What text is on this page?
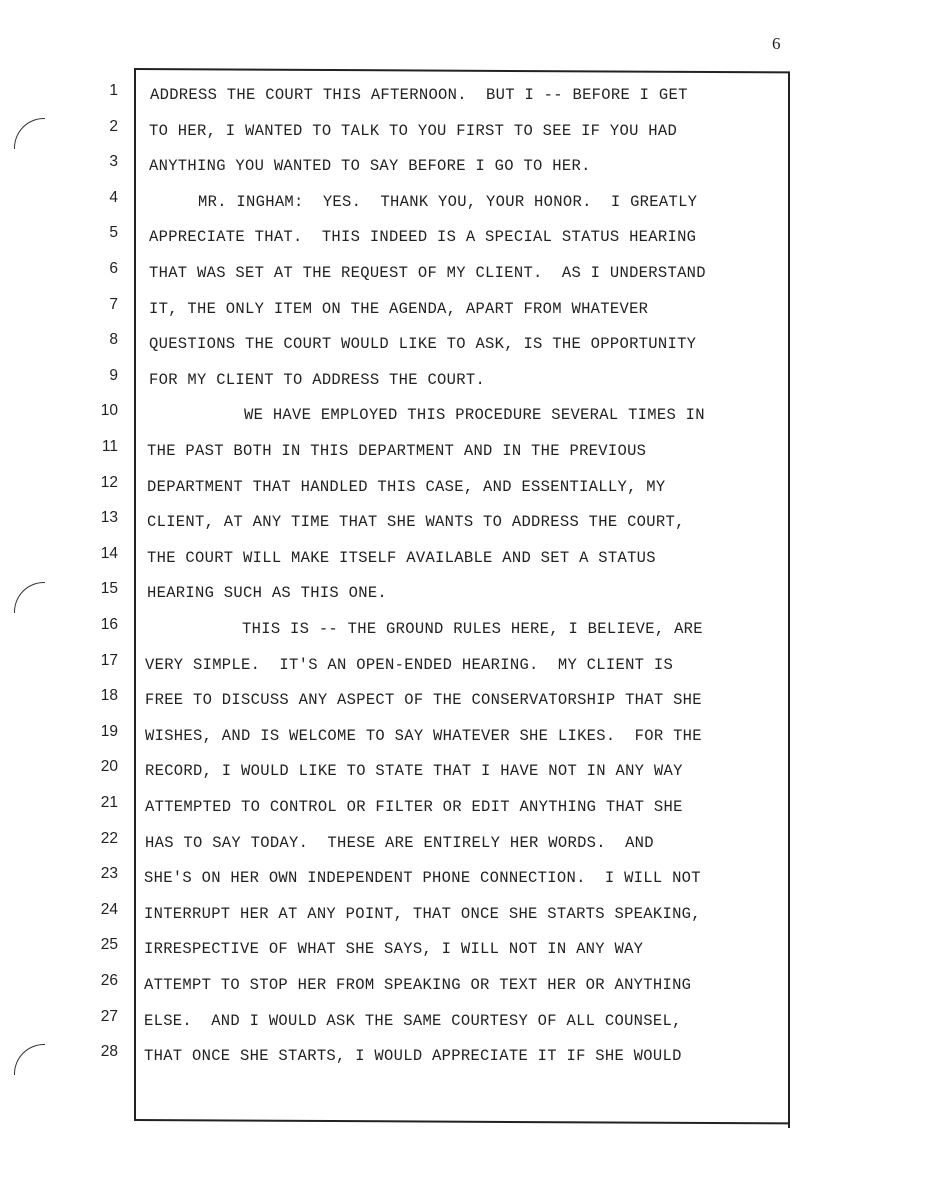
6
1 ADDRESS THE COURT THIS AFTERNOON.  BUT I -- BEFORE I GET
2 TO HER, I WANTED TO TALK TO YOU FIRST TO SEE IF YOU HAD
3 ANYTHING YOU WANTED TO SAY BEFORE I GO TO HER.
4 MR. INGHAM:  YES.  THANK YOU, YOUR HONOR.  I GREATLY
5 APPRECIATE THAT.  THIS INDEED IS A SPECIAL STATUS HEARING
6 THAT WAS SET AT THE REQUEST OF MY CLIENT.  AS I UNDERSTAND
7 IT, THE ONLY ITEM ON THE AGENDA, APART FROM WHATEVER
8 QUESTIONS THE COURT WOULD LIKE TO ASK, IS THE OPPORTUNITY
9 FOR MY CLIENT TO ADDRESS THE COURT.
10 WE HAVE EMPLOYED THIS PROCEDURE SEVERAL TIMES IN
11 THE PAST BOTH IN THIS DEPARTMENT AND IN THE PREVIOUS
12 DEPARTMENT THAT HANDLED THIS CASE, AND ESSENTIALLY, MY
13 CLIENT, AT ANY TIME THAT SHE WANTS TO ADDRESS THE COURT,
14 THE COURT WILL MAKE ITSELF AVAILABLE AND SET A STATUS
15 HEARING SUCH AS THIS ONE.
16 THIS IS -- THE GROUND RULES HERE, I BELIEVE, ARE
17 VERY SIMPLE.  IT'S AN OPEN-ENDED HEARING.  MY CLIENT IS
18 FREE TO DISCUSS ANY ASPECT OF THE CONSERVATORSHIP THAT SHE
19 WISHES, AND IS WELCOME TO SAY WHATEVER SHE LIKES.  FOR THE
20 RECORD, I WOULD LIKE TO STATE THAT I HAVE NOT IN ANY WAY
21 ATTEMPTED TO CONTROL OR FILTER OR EDIT ANYTHING THAT SHE
22 HAS TO SAY TODAY.  THESE ARE ENTIRELY HER WORDS.  AND
23 SHE'S ON HER OWN INDEPENDENT PHONE CONNECTION.  I WILL NOT
24 INTERRUPT HER AT ANY POINT, THAT ONCE SHE STARTS SPEAKING,
25 IRRESPECTIVE OF WHAT SHE SAYS, I WILL NOT IN ANY WAY
26 ATTEMPT TO STOP HER FROM SPEAKING OR TEXT HER OR ANYTHING
27 ELSE.  AND I WOULD ASK THE SAME COURTESY OF ALL COUNSEL,
28 THAT ONCE SHE STARTS, I WOULD APPRECIATE IT IF SHE WOULD
